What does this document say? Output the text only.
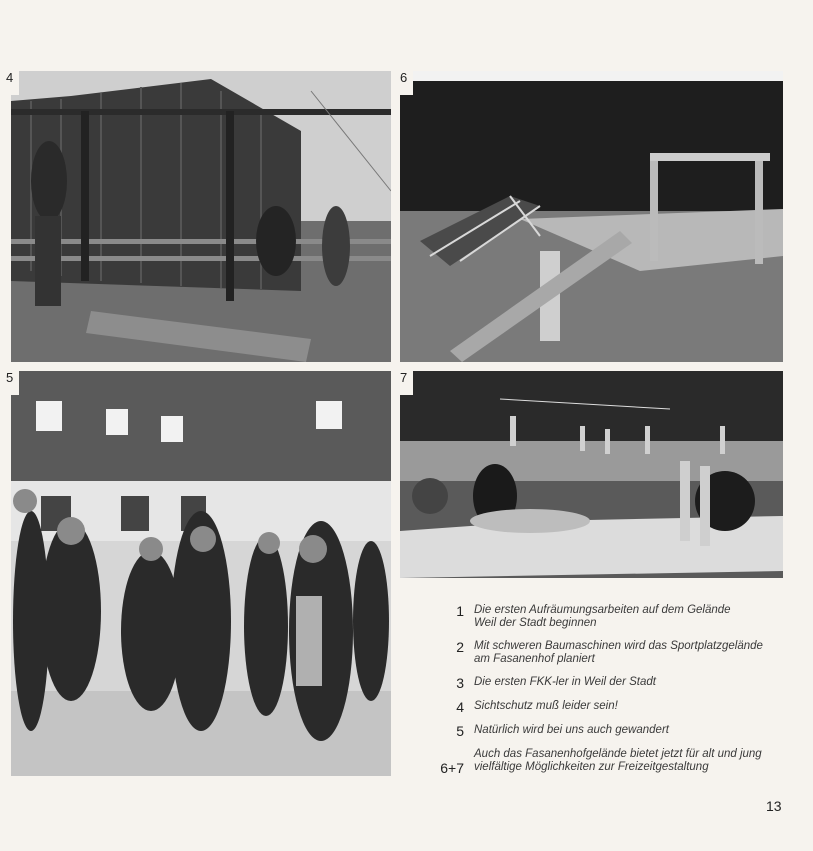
4	6
5	7
1 Die ersten Aufräumungsarbeiten auf dem Gelände
Weil der Stadt beginnen
2 Mit schweren Baumaschinen wird das Sportplatzgelände
am Fasanenhof planiert
3 Die ersten FKK-ler in Weil der Stadt
4 Sichtschutz muß leider sein!
5 Natürlich wird bei uns auch gewandert
6+7
Auch das Fasanenhofgelände bietet jetzt für alt und jung
vielfältige Möglichkeiten zur Freizeitgestaltung
13
